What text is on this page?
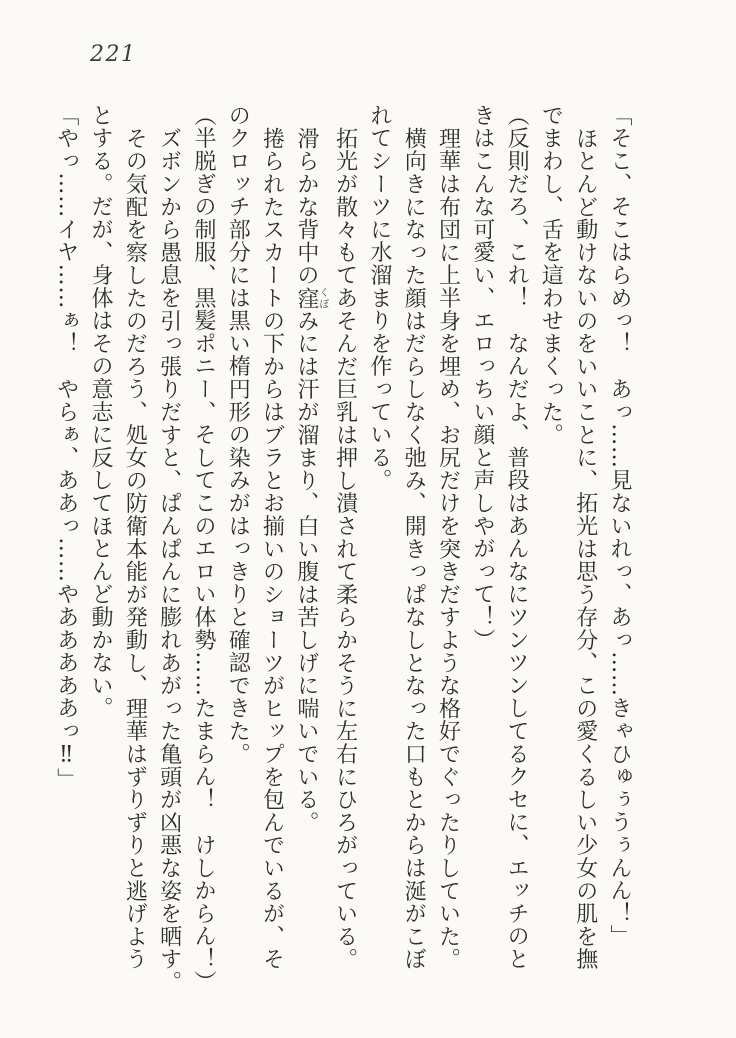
221

「そこ、そこはらめっ！　あっ……見ないれっ、あっ……きゃひゅぅうぅんん！」

ほとんど動けないのをいいことに、拓光は思う存分、この愛くるしい少女の肌を撫

でまわし、舌を這わせまくった。

（反則だろ、これ！　なんだよ、普段はあんなにツンツンしてるクセに、エッチのと

きはこんな可愛い、エロっちい顔と声しやがって！）

理華は布団に上半身を埋め、お尻だけを突きだすような格好でぐったりしていた。

横向きになった顔はだらしなく弛み、開きっぱなしとなった口もとからは涎がこぼ

れてシーツに水溜まりを作っている。

拓光が散々もてあそんだ巨乳は押し潰されて柔らかそうに左右にひろがっている。

滑らかな背中の窪くぼみには汗が溜まり、白い腹は苦しげに喘いでいる。

捲られたスカートの下からはブラとお揃いのショーツがヒップを包んでいるが、そ

のクロッチ部分には黒い楕円形の染みがはっきりと確認できた。

（半脱ぎの制服、黒髪ポニー、そしてこのエロい体勢……たまらん！　けしからん！）

ズボンから愚息を引っ張りだすと、ぱんぱんに膨れあがった亀頭が凶悪な姿を晒す。

その気配を察したのだろう、処女の防衛本能が発動し、理華はずりずりと逃げよう

とする。だが、身体はその意志に反してほとんど動かない。

「やっ……イヤ……ぁ！　やらぁ、ああっ……やあああああっ‼」
